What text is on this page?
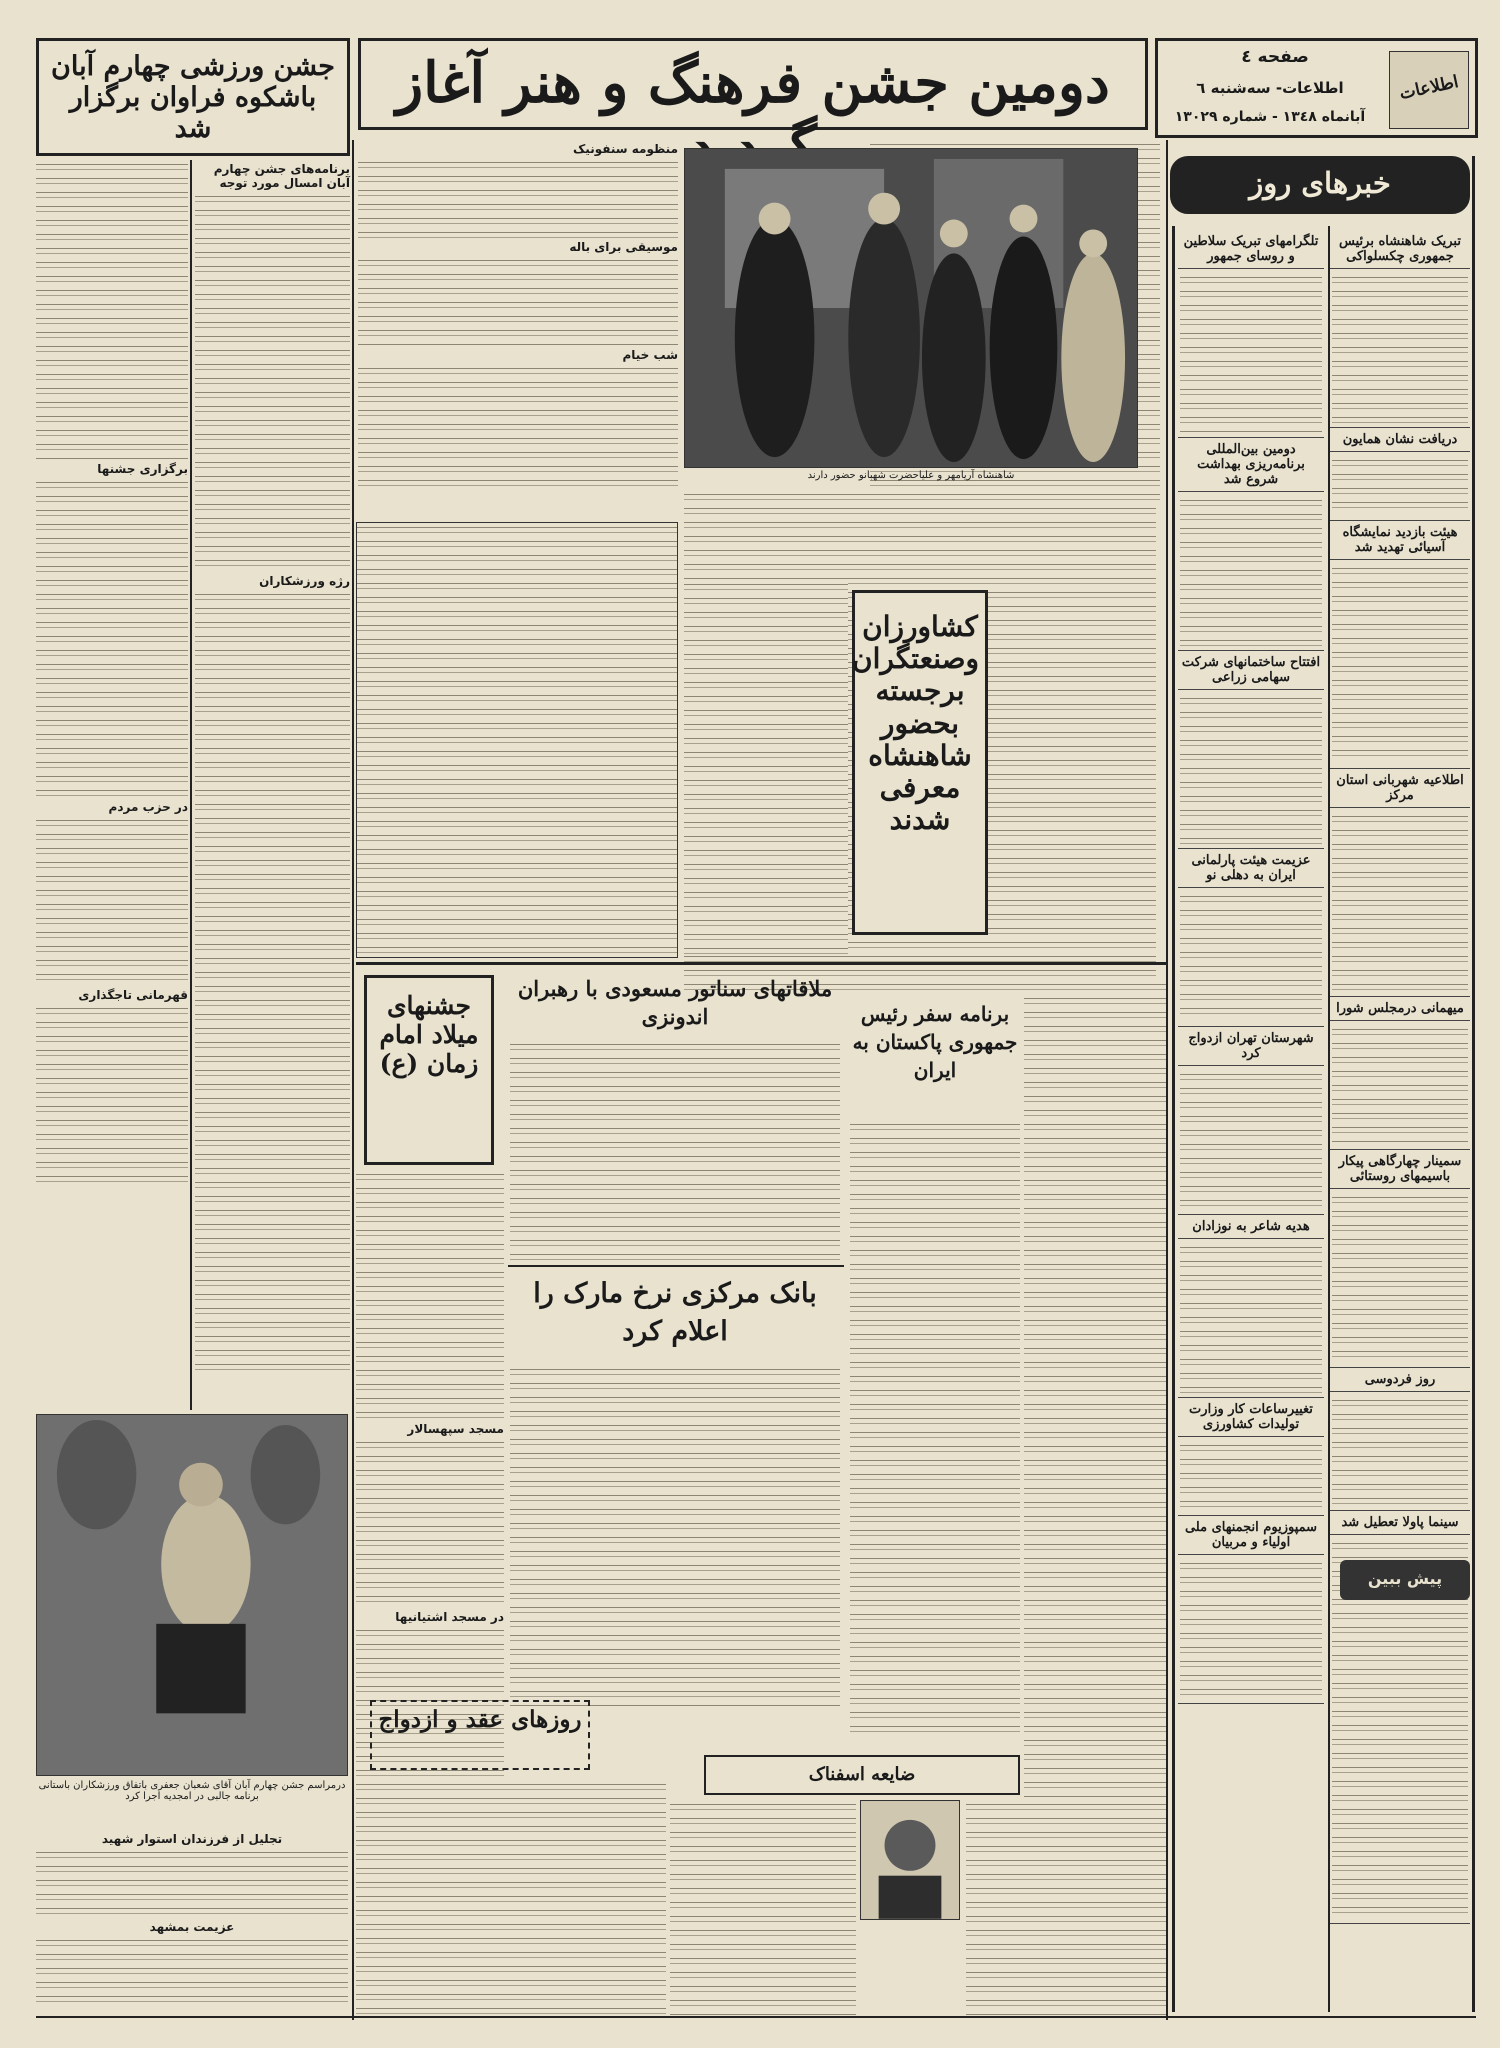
اطلاعات
صفحه ٤
اطلاعات- سه‌شنبه ٦
آبانماه ۱۳٤۸ - شماره ۱۳۰۲۹
دومین جشن فرهنگ و هنر آغاز
جشن ورزشی چهارم آبان باشکوه فراوان برگزار شد
خبرهای روز
تبریک شاهنشاه برئیس جمهوری چکسلواکی
دریافت نشان همایون
هیئت بازدید نمایشگاه آسیائی تهدید شد
اطلاعیه شهربانی استان مرکز
میهمانی درمجلس شورا
سمینار چهارگاهی پیکار باسیمهای روستائی
روز فردوسی
سینما پاولا تعطیل شد
تلگرامهای تبریک سلاطین و روسای جمهور
دومین بین‌المللی برنامه‌ریزی بهداشت شروع شد
افتتاح ساختمانهای شرکت سهامی زراعی
عزیمت هیئت پارلمانی ایران به دهلی نو
شهرستان تهران ازدواج کرد
هدیه شاعر به نوزادان
تغییرساعات کار وزارت تولیدات کشاورزی
سمپوزیوم انجمنهای ملی اولیاء و مربیان
پیش ببین
شاهنشاه آریامهر و علیاحضرت شهبانو حضور دارند
منظومه سنفونیک
موسیقی برای باله
شب خیام
کشاورزان وصنعتگران برجسته بحضور شاهنشاه معرفی شدند
برنامه‌های جشن چهارم آبان امسال مورد توجه
رژه ورزشکاران
برگزاری جشنها
در حزب مردم
قهرمانی تاجگذاری
درمراسم جشن چهارم آبان آقای شعبان جعفری باتفاق ورزشکاران باستانی برنامه جالبی در امجدیه اجرا کرد
تجلیل از فرزندان استوار شهید
عزیمت بمشهد
جشنهای میلاد امام زمان (ع)
مسجد سپهسالار
در مسجد اشتیانیها
ملاقاتهای سناتور مسعودی با رهبران اندونزی	برنامه سفر رئیس جمهوری پاکستان به ایران
بانک مرکزی نرخ مارک را اعلام کرد
ضایعه اسفناک
روزهای عقد و ازدواج
